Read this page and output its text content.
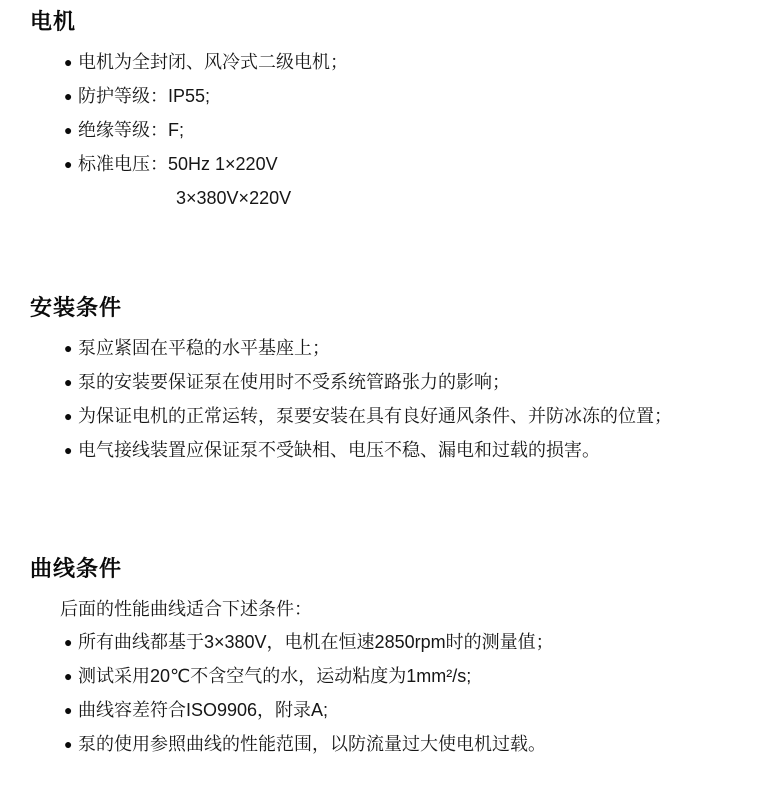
电机
● 电机为全封闭、风冷式二级电机；
● 防护等级：IP55;
● 绝缘等级：F;
● 标准电压：50Hz 1×220V
3×380V×220V
安装条件
● 泵应紧固在平稳的水平基座上；
● 泵的安装要保证泵在使用时不受系统管路张力的影响；
● 为保证电机的正常运转，泵要安装在具有良好通风条件、并防冰冻的位置；
● 电气接线装置应保证泵不受缺相、电压不稳、漏电和过载的损害。
曲线条件
后面的性能曲线适合下述条件：
● 所有曲线都基于3×380V，电机在恒速2850rpm时的测量值；
● 测试采用20℃不含空气的水，运动粘度为1mm²/s;
● 曲线容差符合ISO9906，附录A;
● 泵的使用参照曲线的性能范围，以防流量过大使电机过载。
